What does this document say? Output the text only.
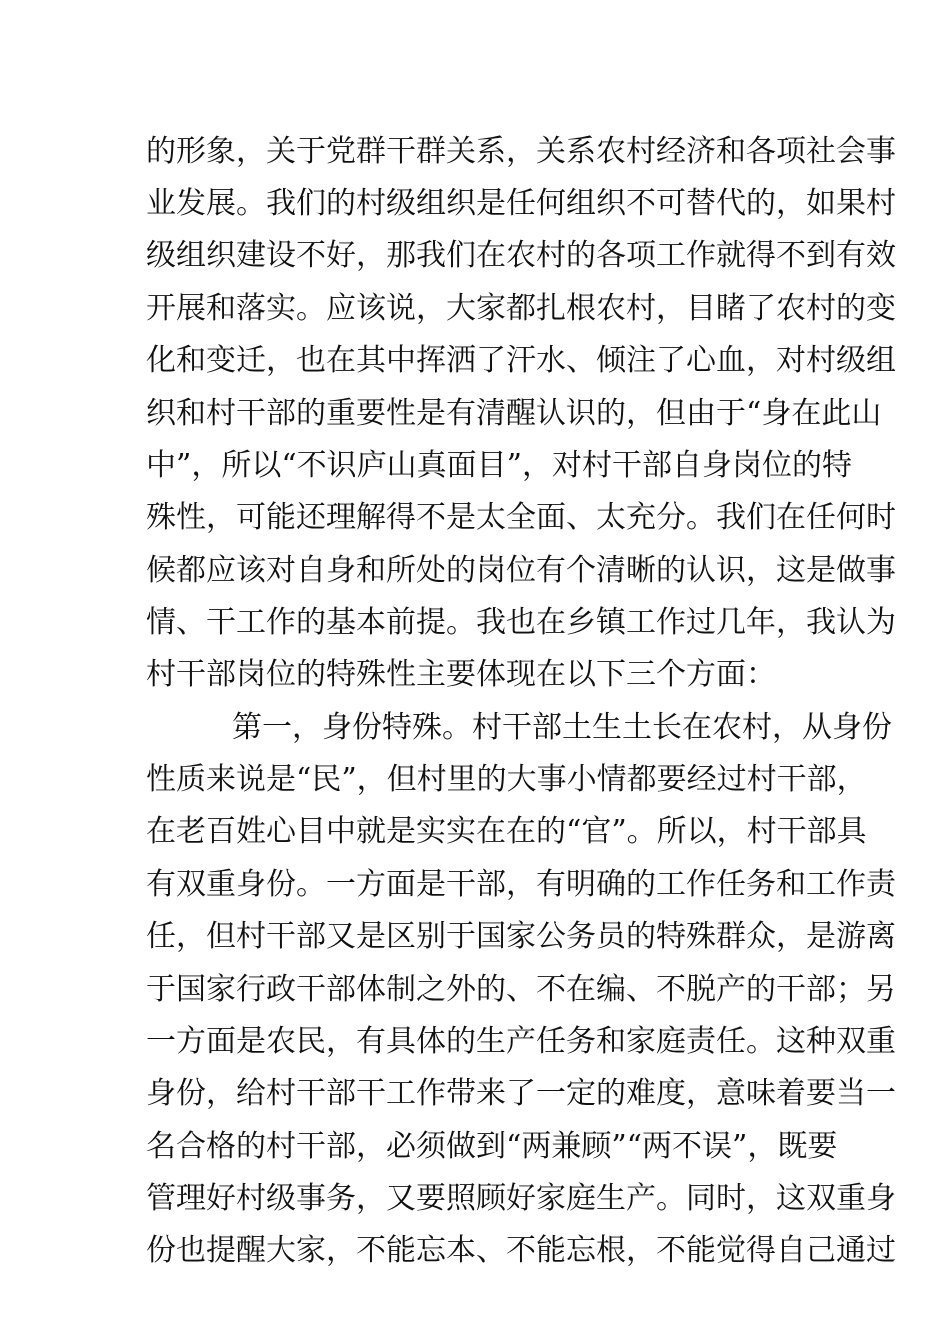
的形象，关于党群干群关系，关系农村经济和各项社会事
业发展。我们的村级组织是任何组织不可替代的，如果村
级组织建设不好，那我们在农村的各项工作就得不到有效
开展和落实。应该说，大家都扎根农村，目睹了农村的变
化和变迁，也在其中挥洒了汗水、倾注了心血，对村级组
织和村干部的重要性是有清醒认识的，但由于“身在此山
中”，所以“不识庐山真面目”，对村干部自身岗位的特
殊性，可能还理解得不是太全面、太充分。我们在任何时
候都应该对自身和所处的岗位有个清晰的认识，这是做事
情、干工作的基本前提。我也在乡镇工作过几年，我认为
村干部岗位的特殊性主要体现在以下三个方面：
第一，身份特殊。村干部土生土长在农村，从身份
性质来说是“民”，但村里的大事小情都要经过村干部，
在老百姓心目中就是实实在在的“官”。所以，村干部具
有双重身份。一方面是干部，有明确的工作任务和工作责
任，但村干部又是区别于国家公务员的特殊群众，是游离
于国家行政干部体制之外的、不在编、不脱产的干部；另
一方面是农民，有具体的生产任务和家庭责任。这种双重
身份，给村干部干工作带来了一定的难度，意味着要当一
名合格的村干部，必须做到“两兼顾”“两不误”，既要
管理好村级事务，又要照顾好家庭生产。同时，这双重身
份也提醒大家，不能忘本、不能忘根，不能觉得自己通过
